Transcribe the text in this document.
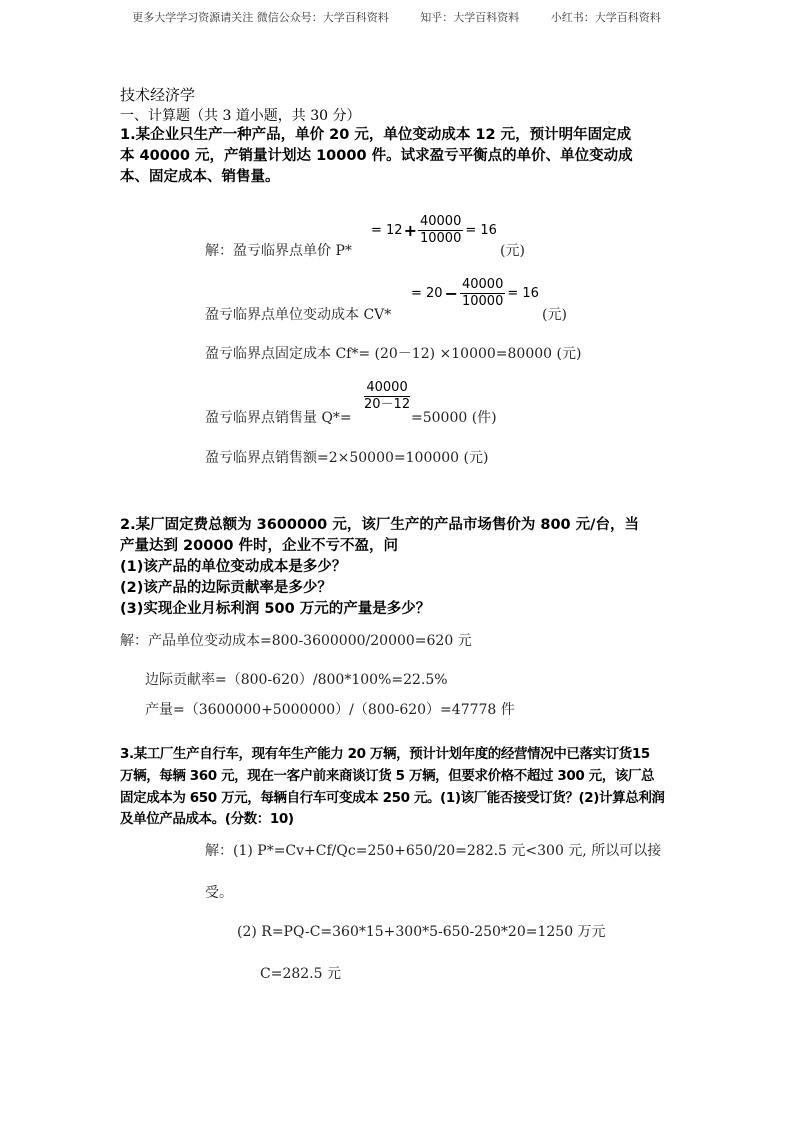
更多大学学习资源请关注 微信公众号：大学百科资料	知乎：大学百科资料	小红书：大学百科资料
技术经济学
一、计算题（共 3 道小题，共 30 分）
1.某企业只生产一种产品，单价 20 元，单位变动成本 12 元，预计明年固定成
本 40000 元，产销量计划达 10000 件。试求盈亏平衡点的单价、单位变动成
本、固定成本、销售量。
解：盈亏临界点单价 P*
= $12 + \frac{40000}{10000} = 16$
(元)
盈亏临界点单位变动成本 CV*
= $20 - \frac{40000}{10000} = 16$
(元)
盈亏临界点固定成本 Cf*= (20－12) ×10000=80000 (元)
盈亏临界点销售量 Q*=
$\frac{40000}{20-12}$
=50000 (件)
盈亏临界点销售额=2×50000=100000 (元)
2.某厂固定费总额为 3600000 元，该厂生产的产品市场售价为 800 元/台，当
产量达到 20000 件时，企业不亏不盈，问
(1)该产品的单位变动成本是多少？
(2)该产品的边际贡献率是多少？
(3)实现企业月标利润 500 万元的产量是多少？
解：产品单位变动成本=800-3600000/20000=620 元
边际贡献率=（800-620）/800*100%=22.5%
产量=（3600000+5000000）/（800-620）=47778 件
3.某工厂生产自行车，现有年生产能力 20 万辆，预计计划年度的经营情况中已落实订货15
万辆，每辆 360 元，现在一客户前来商谈订货 5 万辆，但要求价格不超过 300 元，该厂总
固定成本为 650 万元，每辆自行车可变成本 250 元。(1)该厂能否接受订货？(2)计算总利润
及单位产品成本。(分数：10)
解：(1) P*=Cv+Cf/Qc=250+650/20=282.5 元<300 元, 所以可以接
受。
(2) R=PQ-C=360*15+300*5-650-250*20=1250 万元
C=282.5 元
